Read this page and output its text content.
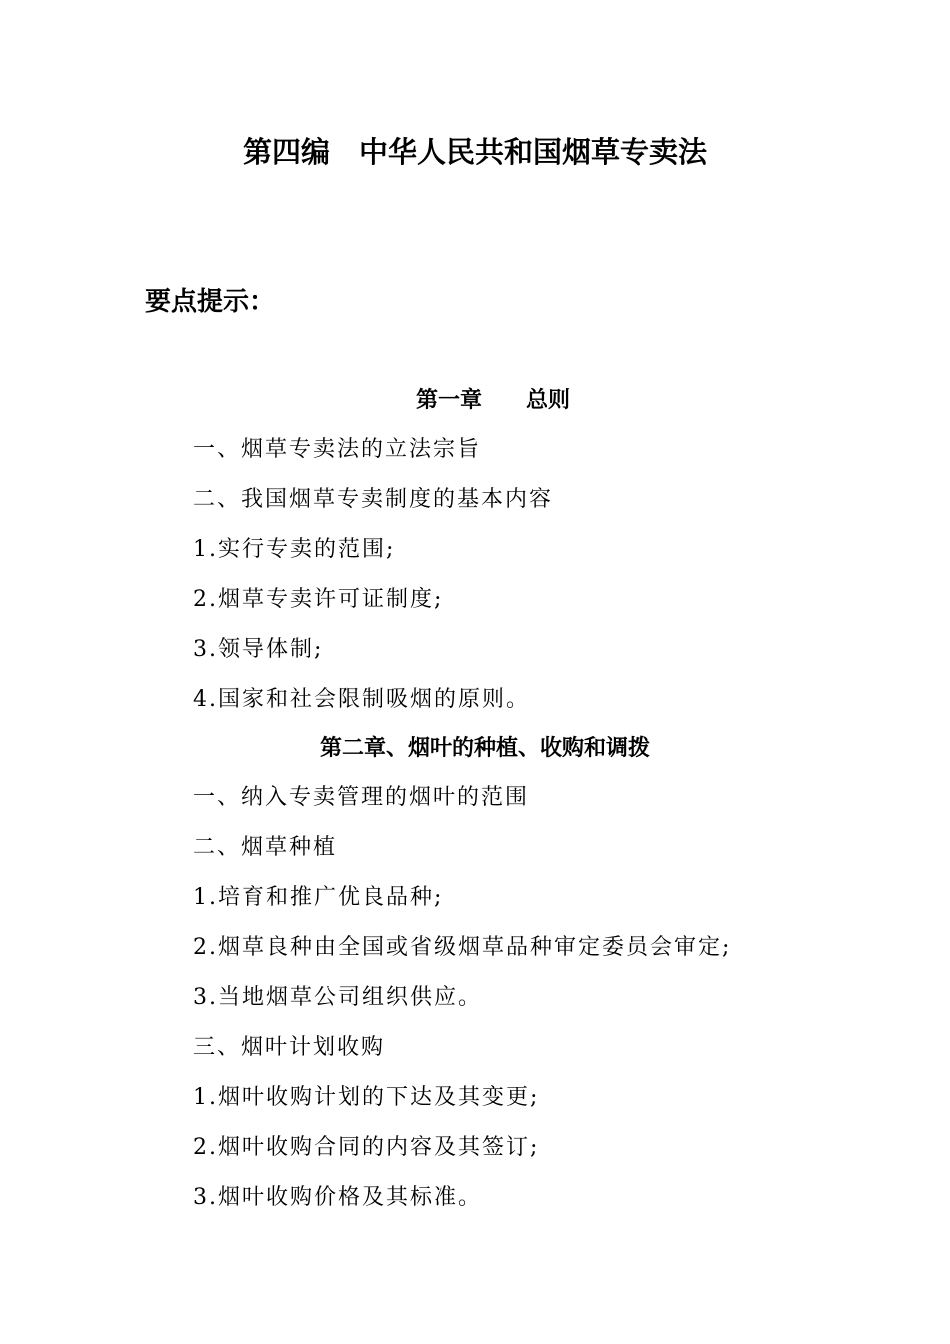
第四编　中华人民共和国烟草专卖法
要点提示：
第一章　　总则
一、烟草专卖法的立法宗旨
二、我国烟草专卖制度的基本内容
1.实行专卖的范围;
2.烟草专卖许可证制度;
3.领导体制;
4.国家和社会限制吸烟的原则。
第二章、烟叶的种植、收购和调拨
一、纳入专卖管理的烟叶的范围
二、烟草种植
1.培育和推广优良品种;
2.烟草良种由全国或省级烟草品种审定委员会审定;
3.当地烟草公司组织供应。
三、烟叶计划收购
1.烟叶收购计划的下达及其变更;
2.烟叶收购合同的内容及其签订;
3.烟叶收购价格及其标准。
